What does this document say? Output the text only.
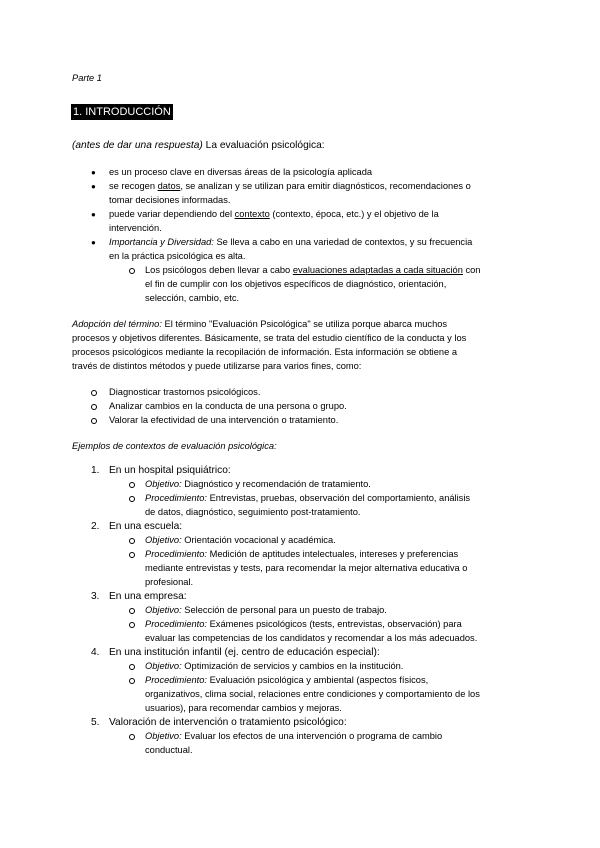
Parte 1
1. INTRODUCCIÓN
(antes de dar una respuesta) La evaluación psicológica:
● es un proceso clave en diversas áreas de la psicología aplicada
● se recogen datos, se analizan y se utilizan para emitir diagnósticos, recomendaciones o
tomar decisiones informadas.
● puede variar dependiendo del contexto (contexto, época, etc.) y el objetivo de la
intervención.
● Importancia y Diversidad: Se lleva a cabo en una variedad de contextos, y su frecuencia
en la práctica psicológica es alta.
Los psicólogos deben llevar a cabo evaluaciones adaptadas a cada situación con
el fin de cumplir con los objetivos específicos de diagnóstico, orientación,
selección, cambio, etc.
Adopción del término: El término "Evaluación Psicológica" se utiliza porque abarca muchos
procesos y objetivos diferentes. Básicamente, se trata del estudio científico de la conducta y los
procesos psicológicos mediante la recopilación de información. Esta información se obtiene a
través de distintos métodos y puede utilizarse para varios fines, como:
Diagnosticar trastornos psicológicos.
Analizar cambios en la conducta de una persona o grupo.
Valorar la efectividad de una intervención o tratamiento.
Ejemplos de contextos de evaluación psicológica:
1. En un hospital psiquiátrico:
Objetivo: Diagnóstico y recomendación de tratamiento.
Procedimiento: Entrevistas, pruebas, observación del comportamiento, análisis
de datos, diagnóstico, seguimiento post-tratamiento.
2. En una escuela:
Objetivo: Orientación vocacional y académica.
Procedimiento: Medición de aptitudes intelectuales, intereses y preferencias
mediante entrevistas y tests, para recomendar la mejor alternativa educativa o
profesional.
3. En una empresa:
Objetivo: Selección de personal para un puesto de trabajo.
Procedimiento: Exámenes psicológicos (tests, entrevistas, observación) para
evaluar las competencias de los candidatos y recomendar a los más adecuados.
4. En una institución infantil (ej. centro de educación especial):
Objetivo: Optimización de servicios y cambios en la institución.
Procedimiento: Evaluación psicológica y ambiental (aspectos físicos,
organizativos, clima social, relaciones entre condiciones y comportamiento de los
usuarios), para recomendar cambios y mejoras.
5. Valoración de intervención o tratamiento psicológico:
Objetivo: Evaluar los efectos de una intervención o programa de cambio
conductual.
